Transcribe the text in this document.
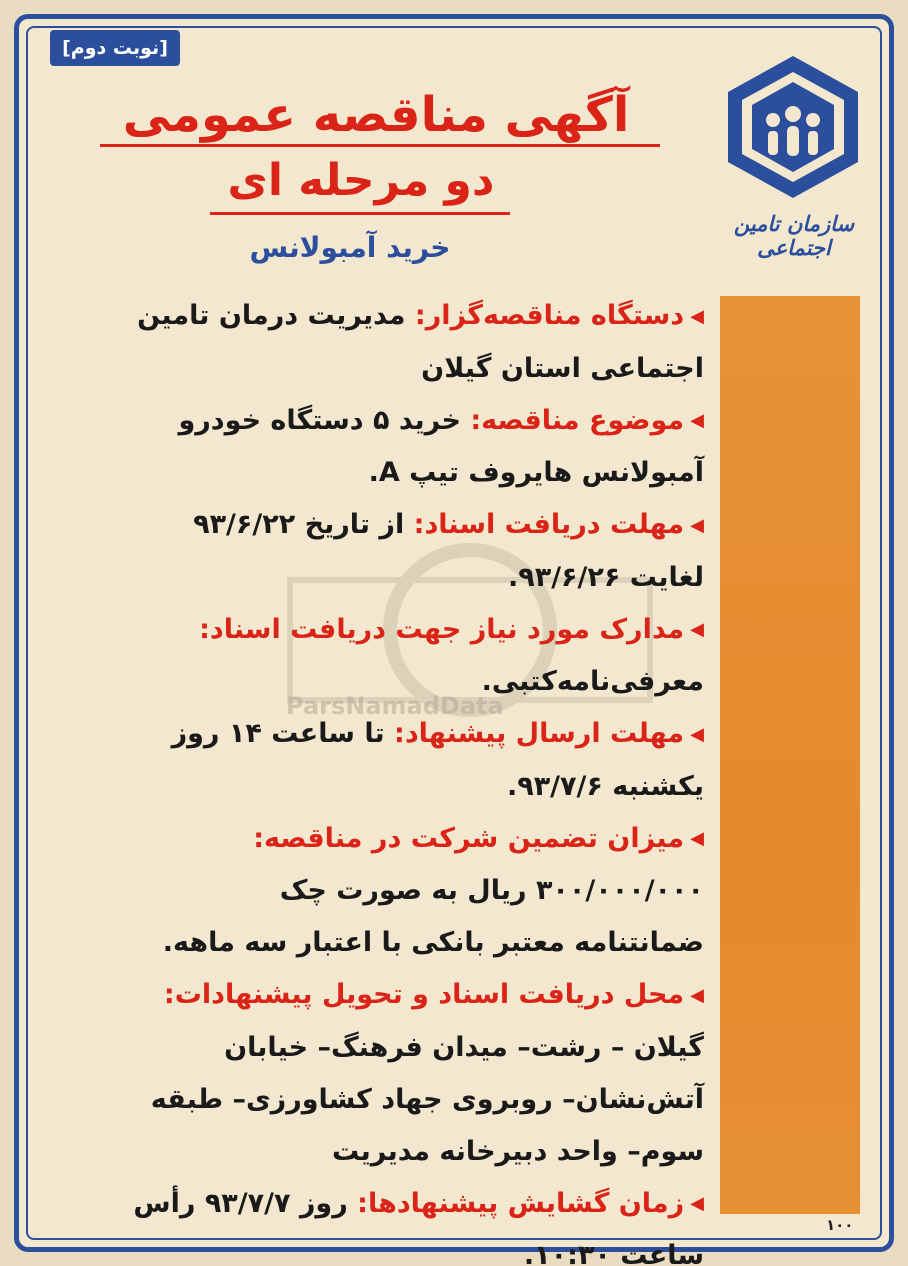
[نوبت دوم]
آگهی مناقصه عمومی
دو مرحله ای
خرید آمبولانس
سازمان تامین اجتماعی
ParsNamadData
◀دستگاه مناقصه‌گزار: مدیریت درمان تامین
اجتماعی استان گیلان
◀موضوع مناقصه: خرید ۵ دستگاه خودرو
آمبولانس هایروف تیپ A.
◀مهلت دریافت اسناد: از تاریخ ۹۳/۶/۲۲
لغایت ۹۳/۶/۲۶.
◀مدارک مورد نیاز جهت دریافت اسناد:
معرفی‌نامه‌کتبی.
◀مهلت ارسال پیشنهاد: تا ساعت ۱۴ روز
یکشنبه ۹۳/۷/۶.
◀میزان تضمین شرکت در مناقصه:
۳۰۰/۰۰۰/۰۰۰ ریال به صورت چک
ضمانتنامه معتبر بانکی با اعتبار سه ماهه.
◀محل دریافت اسناد و تحویل پیشنهادات:
گیلان – رشت– میدان فرهنگ– خیابان
آتش‌نشان– روبروی جهاد کشاورزی– طبقه
سوم– واحد دبیرخانه مدیریت
◀زمان گشایش پیشنهادها: روز ۹۳/۷/۷ رأس
ساعت ۱۰:۳۰.
۱۰۰
